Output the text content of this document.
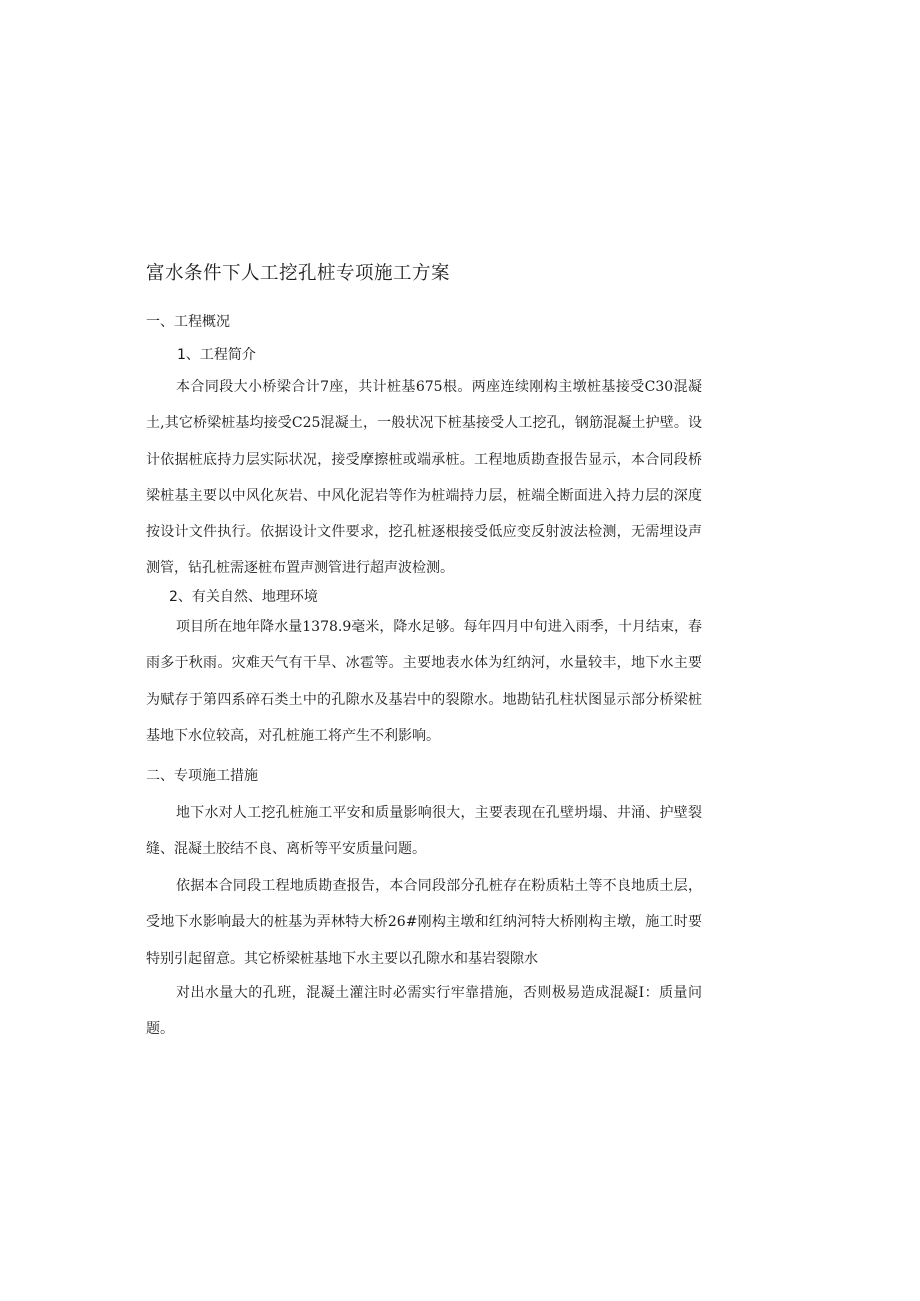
富水条件下人工挖孔桩专项施工方案
一、工程概况
1、工程简介

本合同段大小桥梁合计7座，共计桩基675根。两座连续刚构主墩桩基接受C30混凝土,其它桥梁桩基均接受C25混凝土，一般状况下桩基接受人工挖孔，钢筋混凝土护壁。设计依据桩底持力层实际状况，接受摩擦桩或端承桩。工程地质勘查报告显示，本合同段桥梁桩基主要以中风化灰岩、中风化泥岩等作为桩端持力层，桩端全断面进入持力层的深度按设计文件执行。依据设计文件要求，挖孔桩逐根接受低应变反射波法检测，无需埋设声测管，钻孔桩需逐桩布置声测管进行超声波检测。

2、有关自然、地理环境

项目所在地年降水量1378.9毫米，降水足够。每年四月中旬进入雨季，十月结束，春雨多于秋雨。灾难天气有干旱、冰雹等。主要地表水体为红纳河，水量较丰，地下水主要为赋存于第四系碎石类土中的孔隙水及基岩中的裂隙水。地勘钻孔柱状图显示部分桥梁桩基地下水位较高，对孔桩施工将产生不利影响。

二、专项施工措施

地下水对人工挖孔桩施工平安和质量影响很大，主要表现在孔壁坍塌、井涌、护壁裂缝、混凝土胶结不良、离析等平安质量问题。

依据本合同段工程地质勘查报告，本合同段部分孔桩存在粉质粘土等不良地质土层，受地下水影响最大的桩基为弄林特大桥26#刚构主墩和红纳河特大桥刚构主墩，施工时要特别引起留意。其它桥梁桩基地下水主要以孔隙水和基岩裂隙水

对出水量大的孔班，混凝土灌注时必需实行牢靠措施，否则极易造成混凝I：质量问题。
